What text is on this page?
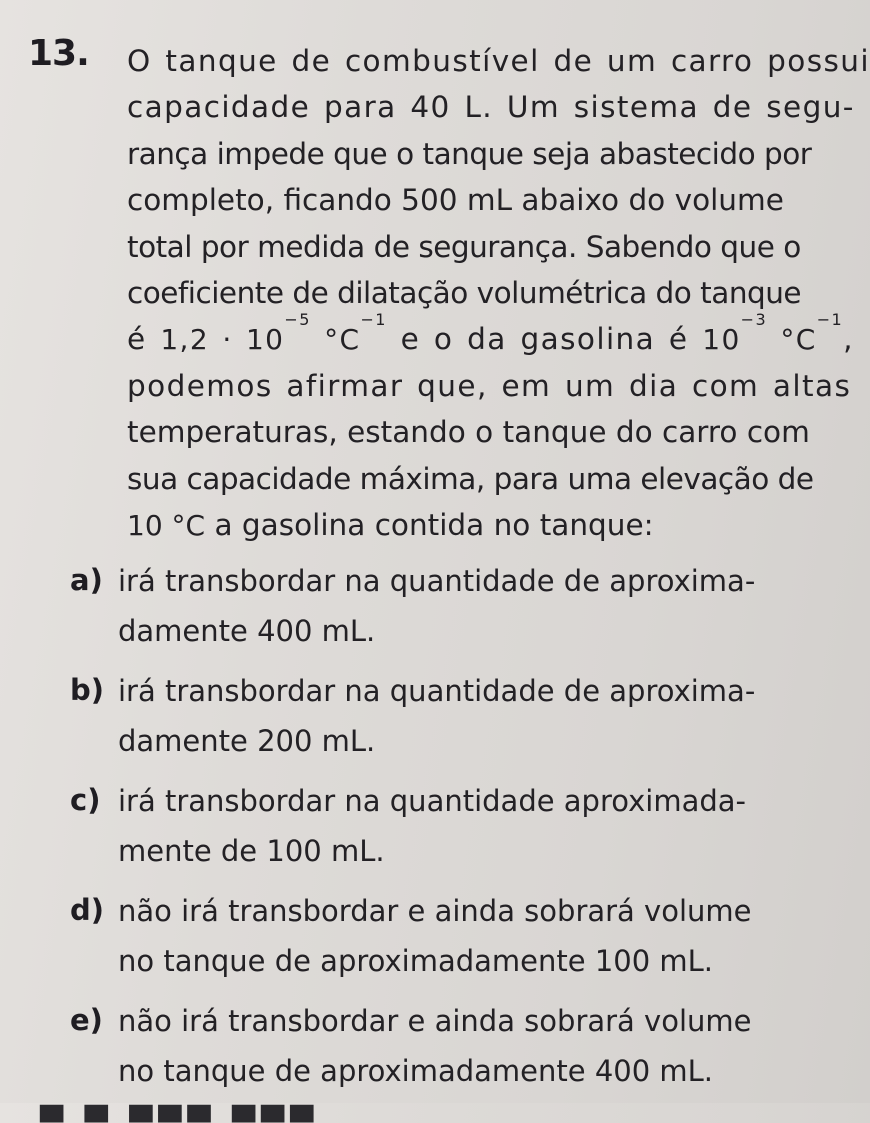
13. O tanque de combustível de um carro possui
capacidade para 40 L. Um sistema de segu-
rança impede que o tanque seja abastecido por
completo, ficando 500 mL abaixo do volume
total por medida de segurança. Sabendo que o
coeficiente de dilatação volumétrica do tanque
é $1,2 \cdot 10^{-5}$ $^\circ C^{-1}$ e o da gasolina é $10^{-3}$ $^\circ C^{-1}$,
podemos afirmar que, em um dia com altas
temperaturas, estando o tanque do carro com
sua capacidade máxima, para uma elevação de
10 °C a gasolina contida no tanque:
a) irá transbordar na quantidade de aproxima-
damente 400 mL.
b) irá transbordar na quantidade de aproxima-
damente 200 mL.
c) irá transbordar na quantidade aproximada-
mente de 100 mL.
d) não irá transbordar e ainda sobrará volume
no tanque de aproximadamente 100 mL.
e) não irá transbordar e ainda sobrará volume
no tanque de aproximadamente 400 mL.
▄ ▄ ▄▄▄ ▄▄▄
